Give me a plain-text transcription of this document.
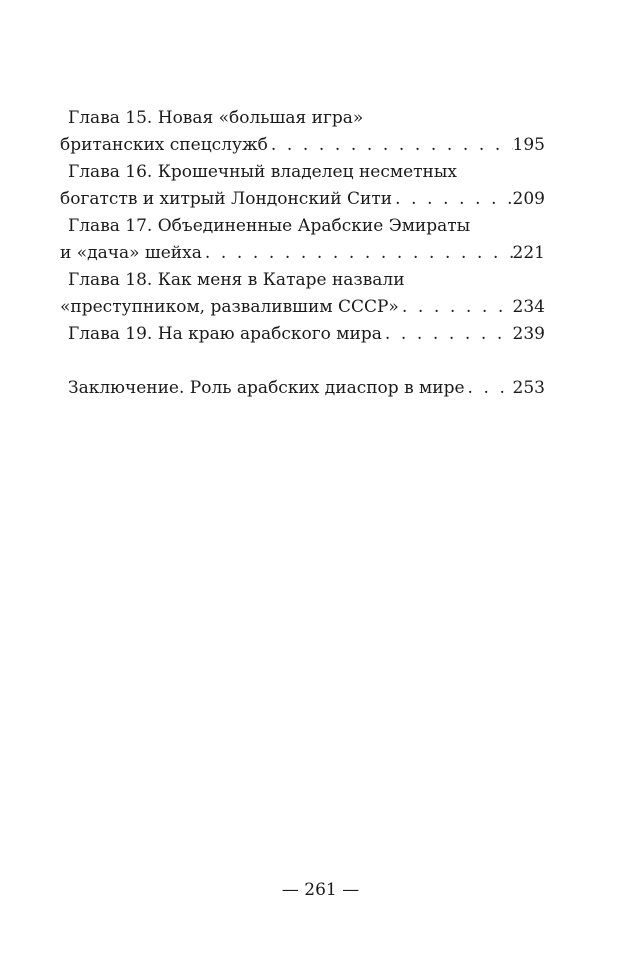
Глава 15. Новая «большая игра»
британских спецслужб . . .	195
Глава 16. Крошечный владелец несметных
богатств и хитрый Лондонский Сити . . .	209
Глава 17. Объединенные Арабские Эмираты
и «дача» шейха . . .	221
Глава 18. Как меня в Катаре назвали
«преступником, развалившим СССР» . . .	234
Глава 19. На краю арабского мира . . .	239
Заключение. Роль арабских диаспор в мире . . .	253
— 261 —
